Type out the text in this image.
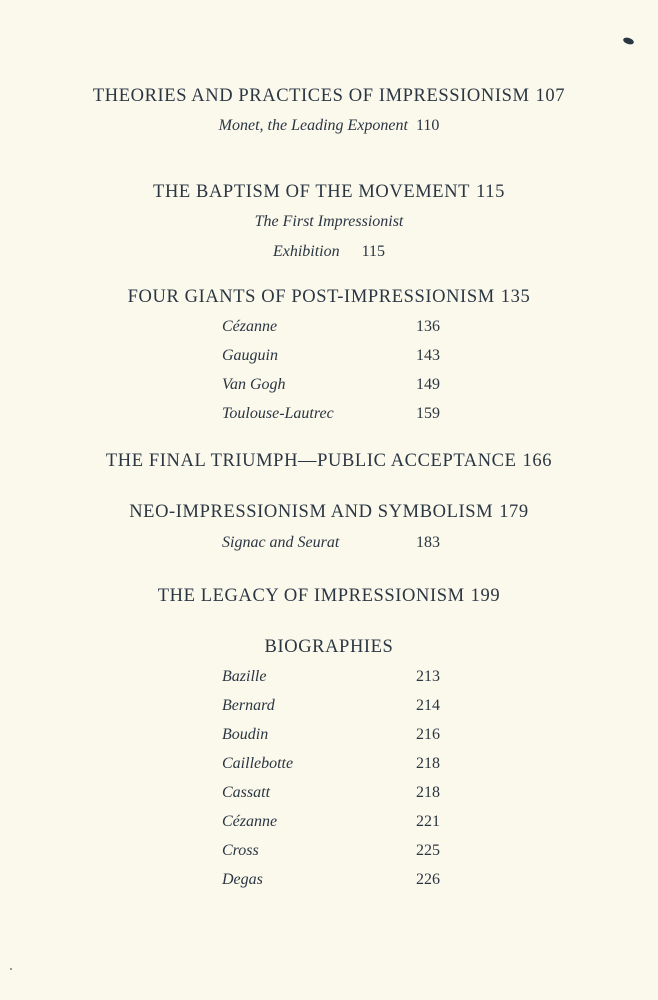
THEORIES AND PRACTICES OF IMPRESSIONISM 107
Monet, the Leading Exponent 110
THE BAPTISM OF THE MOVEMENT 115
The First Impressionist
Exhibition 115
FOUR GIANTS OF POST-IMPRESSIONISM 135
Cézanne	136
Gauguin	143
Van Gogh	149
Toulouse-Lautrec	159
THE FINAL TRIUMPH—PUBLIC ACCEPTANCE 166
NEO-IMPRESSIONISM AND SYMBOLISM 179
Signac and Seurat	183
THE LEGACY OF IMPRESSIONISM 199
BIOGRAPHIES
Bazille	213
Bernard	214
Boudin	216
Caillebotte	218
Cassatt	218
Cézanne	221
Cross	225
Degas	226
